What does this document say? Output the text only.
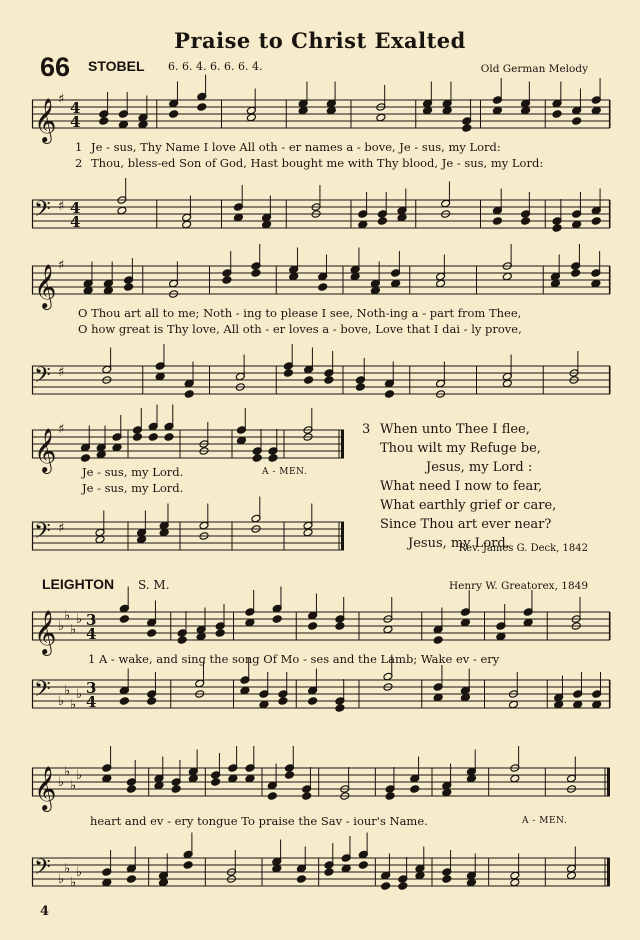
Praise to Christ Exalted
66 STOBEL 6. 6. 4. 6. 6. 6. 4.	Old German Melody
𝄞 ♯ 4
4
1 Je - sus, Thy Name I love All oth - er names a - bove, Je - sus, my Lord:
2 Thou, bless-ed Son of God, Hast bought me with Thy blood, Je - sus, my Lord:
𝄢 ♯ 4
4
𝄞 ♯
O Thou art all to me; Noth - ing to please I see, Noth-ing a - part from Thee,
O how great is Thy love, All oth - er loves a - bove, Love that I dai - ly prove,
𝄢 ♯
𝄞 ♯
Je - sus, my Lord.	A - MEN.
Je - sus, my Lord.
𝄢 ♯
3 When unto Thee I flee,
Thou wilt my Refuge be,
Jesus, my Lord :
What need I now to fear,
What earthly grief or care,
Since Thou art ever near?
Jesus, my Lord.
Rev. James G. Deck, 1842
LEIGHTON S. M.	Henry W. Greatorex, 1849
𝄞 ♭
♭
♭
♭ 3
4
1 A - wake, and sing the song Of Mo - ses and the Lamb; Wake ev - ery
𝄢 ♭
♭
♭
♭ 3
4
𝄞 ♭
♭
♭
♭
heart and ev - ery tongue To praise the Sav - iour's Name.	A - MEN.
𝄢 ♭
♭
♭
♭
4
